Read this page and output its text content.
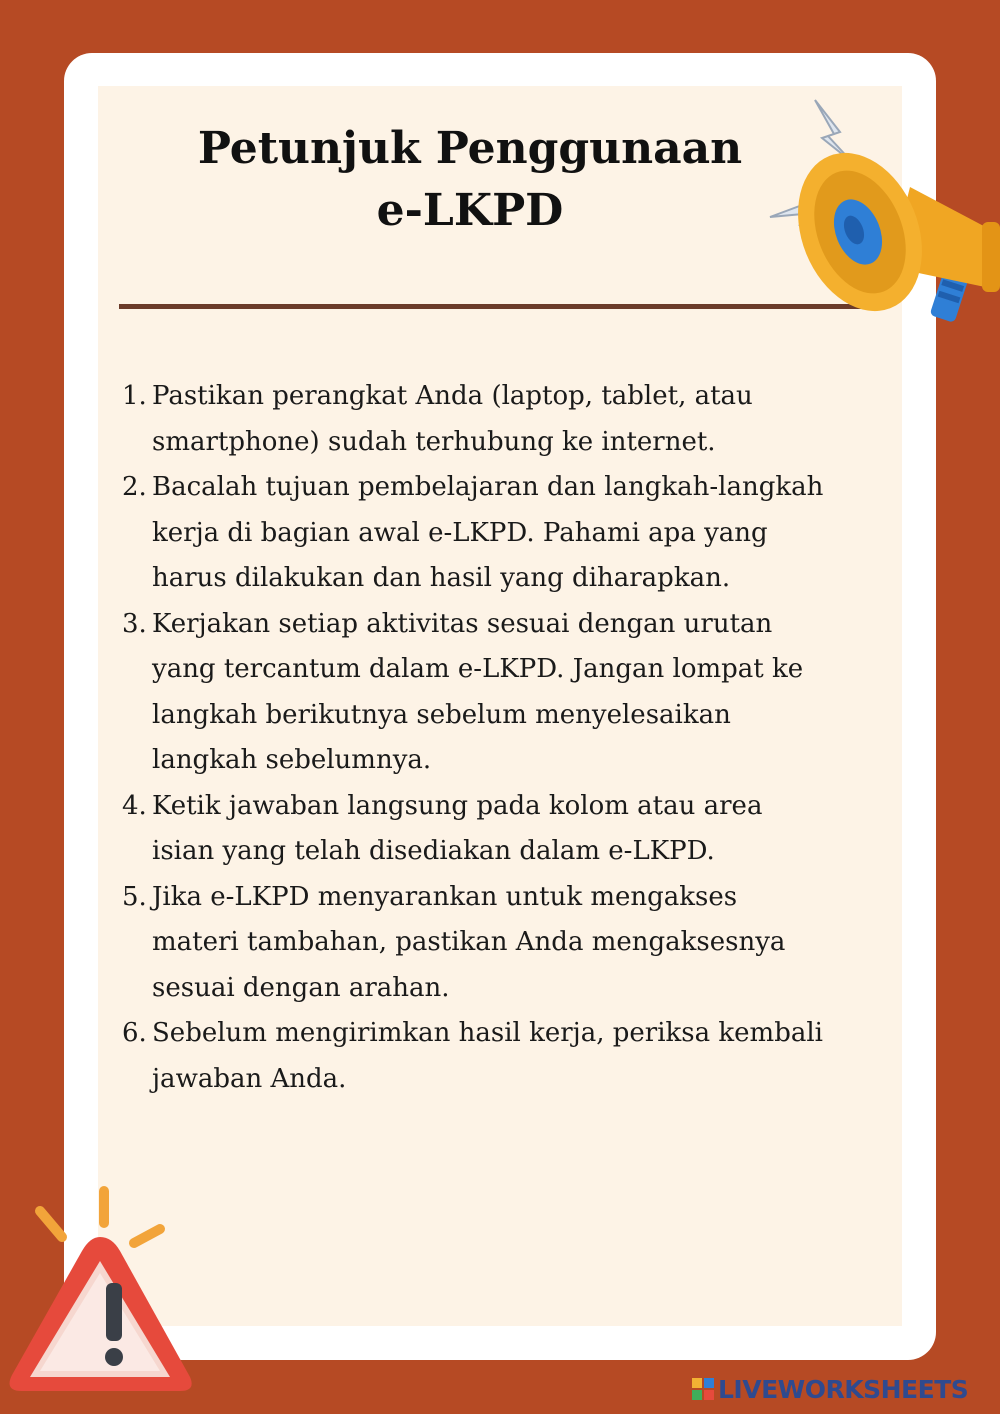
Petunjuk Penggunaan
e-LKPD
1. Pastikan perangkat Anda (laptop, tablet, atau
smartphone) sudah terhubung ke internet.
2. Bacalah tujuan pembelajaran dan langkah-langkah
kerja di bagian awal e-LKPD. Pahami apa yang
harus dilakukan dan hasil yang diharapkan.
3. Kerjakan setiap aktivitas sesuai dengan urutan
yang tercantum dalam e-LKPD. Jangan lompat ke
langkah berikutnya sebelum menyelesaikan
langkah sebelumnya.
4. Ketik jawaban langsung pada kolom atau area
isian yang telah disediakan dalam e-LKPD.
5. Jika e-LKPD menyarankan untuk mengakses
materi tambahan, pastikan Anda mengaksesnya
sesuai dengan arahan.
6. Sebelum mengirimkan hasil kerja, periksa kembali
jawaban Anda.
LIVEWORKSHEETS
